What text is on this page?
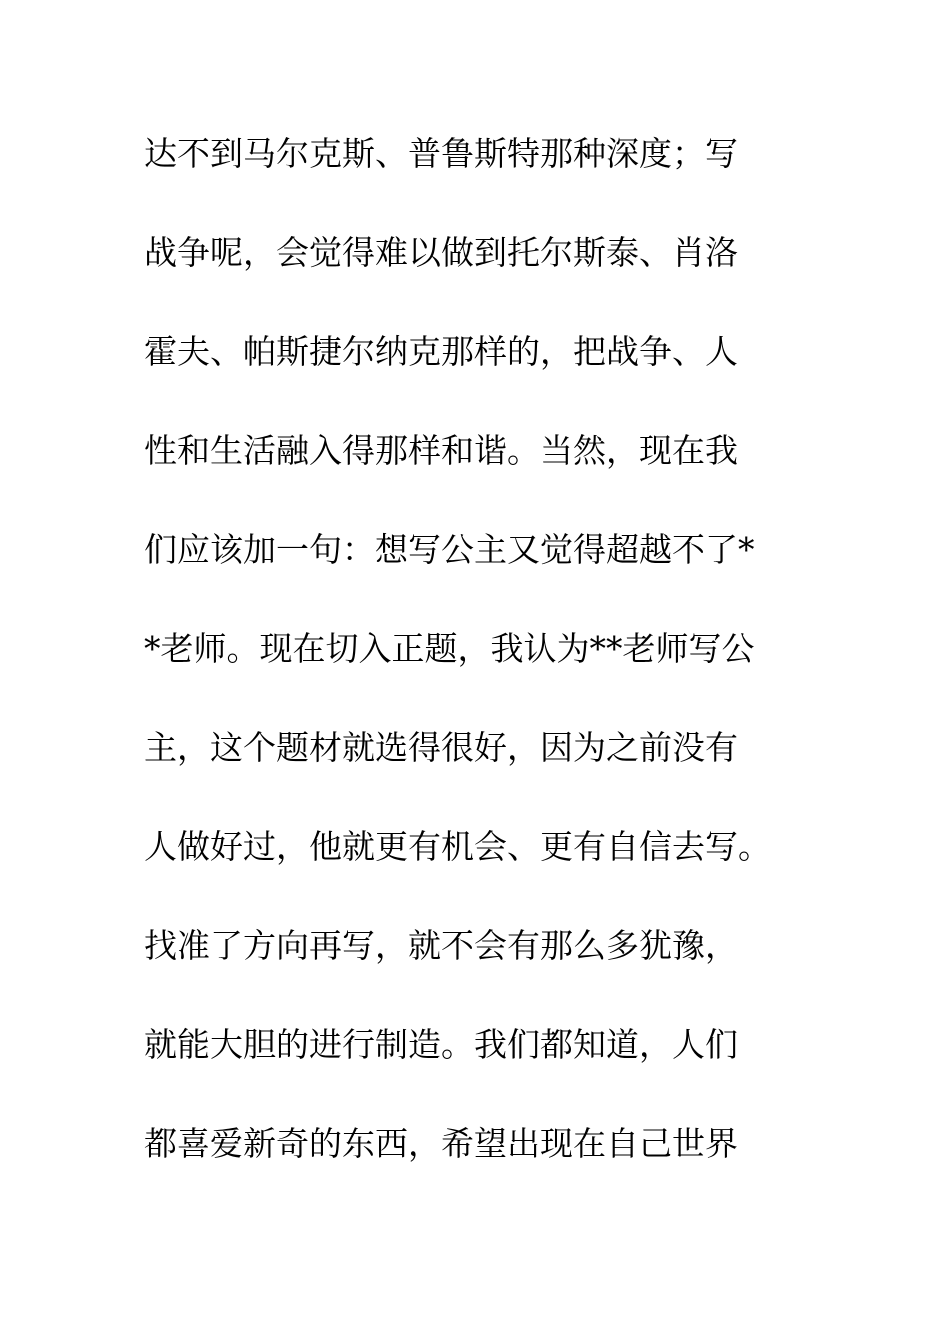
达不到马尔克斯、普鲁斯特那种深度；写
战争呢，会觉得难以做到托尔斯泰、肖洛
霍夫、帕斯捷尔纳克那样的，把战争、人
性和生活融入得那样和谐。当然，现在我
们应该加一句：想写公主又觉得超越不了*
*老师。现在切入正题，我认为**老师写公
主，这个题材就选得很好，因为之前没有
人做好过，他就更有机会、更有自信去写。
找准了方向再写，就不会有那么多犹豫，
就能大胆的进行制造。我们都知道，人们
都喜爱新奇的东西，希望出现在自己世界
